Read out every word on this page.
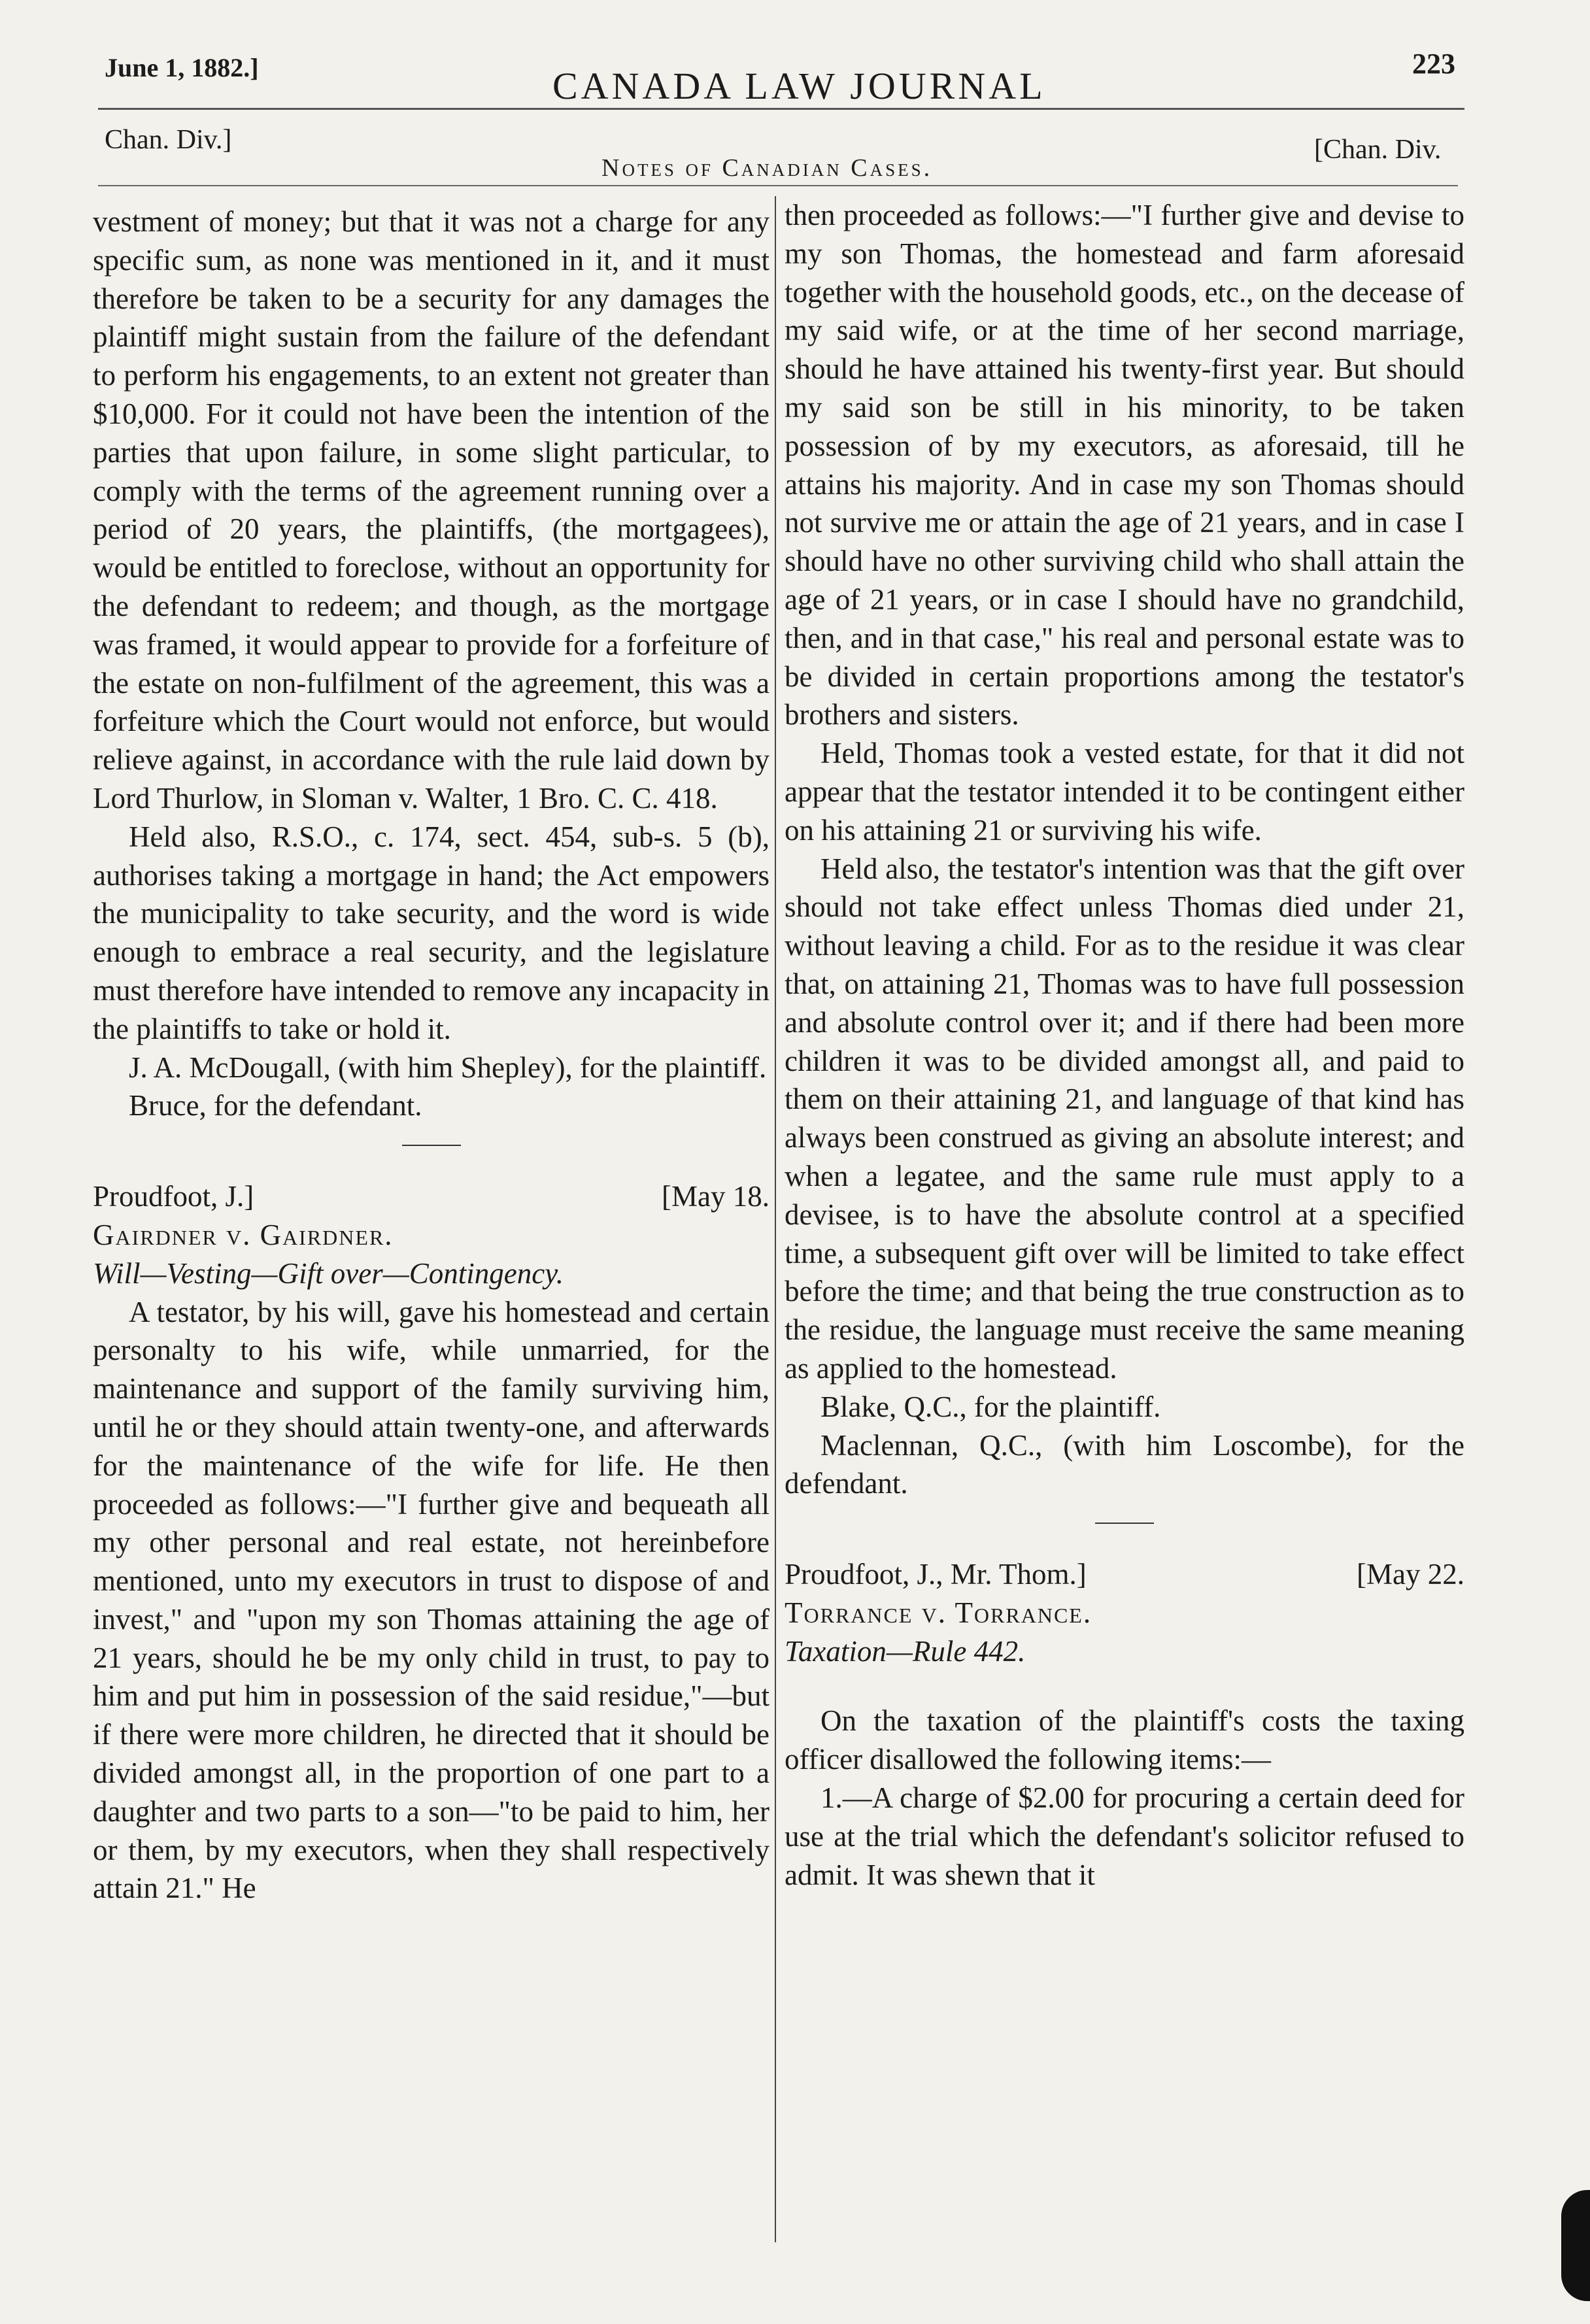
June 1, 1882.]	CANADA LAW JOURNAL
223
Chan. Div.]
Notes of Canadian Cases.
[Chan. Div.

vestment of money; but that it was not a charge for any specific sum, as none was mentioned in it, and it must therefore be taken to be a security for any damages the plaintiff might sustain from the failure of the defendant to perform his engagements, to an extent not greater than $10,000. For it could not have been the intention of the parties that upon failure, in some slight particular, to comply with the terms of the agreement running over a period of 20 years, the plaintiffs, (the mortgagees), would be entitled to foreclose, without an opportunity for the defendant to redeem; and though, as the mortgage was framed, it would appear to provide for a forfeiture of the estate on non-fulfilment of the agreement, this was a forfeiture which the Court would not enforce, but would relieve against, in accordance with the rule laid down by Lord Thurlow, in Sloman v. Walter, 1 Bro. C. C. 418.

Held also, R.S.O., c. 174, sect. 454, sub-s. 5 (b), authorises taking a mortgage in hand; the Act empowers the municipality to take security, and the word is wide enough to embrace a real security, and the legislature must therefore have intended to remove any incapacity in the plaintiffs to take or hold it.

J. A. McDougall, (with him Shepley), for the plaintiff.

Bruce, for the defendant.

Proudfoot, J.]	[May 18.

Gairdner v. Gairdner.

Will—Vesting—Gift over—Contingency.

A testator, by his will, gave his homestead and certain personalty to his wife, while unmarried, for the maintenance and support of the family surviving him, until he or they should attain twenty-one, and afterwards for the maintenance of the wife for life. He then proceeded as follows:—"I further give and bequeath all my other personal and real estate, not hereinbefore mentioned, unto my executors in trust to dispose of and invest," and "upon my son Thomas attaining the age of 21 years, should he be my only child in trust, to pay to him and put him in possession of the said residue,"—but if there were more children, he directed that it should be divided amongst all, in the proportion of one part to a daughter and two parts to a son—"to be paid to him, her or them, by my executors, when they shall respectively attain 21." He

then proceeded as follows:—"I further give and devise to my son Thomas, the homestead and farm aforesaid together with the household goods, etc., on the decease of my said wife, or at the time of her second marriage, should he have attained his twenty-first year. But should my said son be still in his minority, to be taken possession of by my executors, as aforesaid, till he attains his majority. And in case my son Thomas should not survive me or attain the age of 21 years, and in case I should have no other surviving child who shall attain the age of 21 years, or in case I should have no grandchild, then, and in that case," his real and personal estate was to be divided in certain proportions among the testator's brothers and sisters.

Held, Thomas took a vested estate, for that it did not appear that the testator intended it to be contingent either on his attaining 21 or surviving his wife.

Held also, the testator's intention was that the gift over should not take effect unless Thomas died under 21, without leaving a child. For as to the residue it was clear that, on attaining 21, Thomas was to have full possession and absolute control over it; and if there had been more children it was to be divided amongst all, and paid to them on their attaining 21, and language of that kind has always been construed as giving an absolute interest; and when a legatee, and the same rule must apply to a devisee, is to have the absolute control at a specified time, a subsequent gift over will be limited to take effect before the time; and that being the true construction as to the residue, the language must receive the same meaning as applied to the homestead.

Blake, Q.C., for the plaintiff.

Maclennan, Q.C., (with him Loscombe), for the defendant.

Proudfoot, J., Mr. Thom.]	[May 22.

Torrance v. Torrance.

Taxation—Rule 442.

On the taxation of the plaintiff's costs the taxing officer disallowed the following items:—

1.—A charge of $2.00 for procuring a certain deed for use at the trial which the defendant's solicitor refused to admit. It was shewn that it
